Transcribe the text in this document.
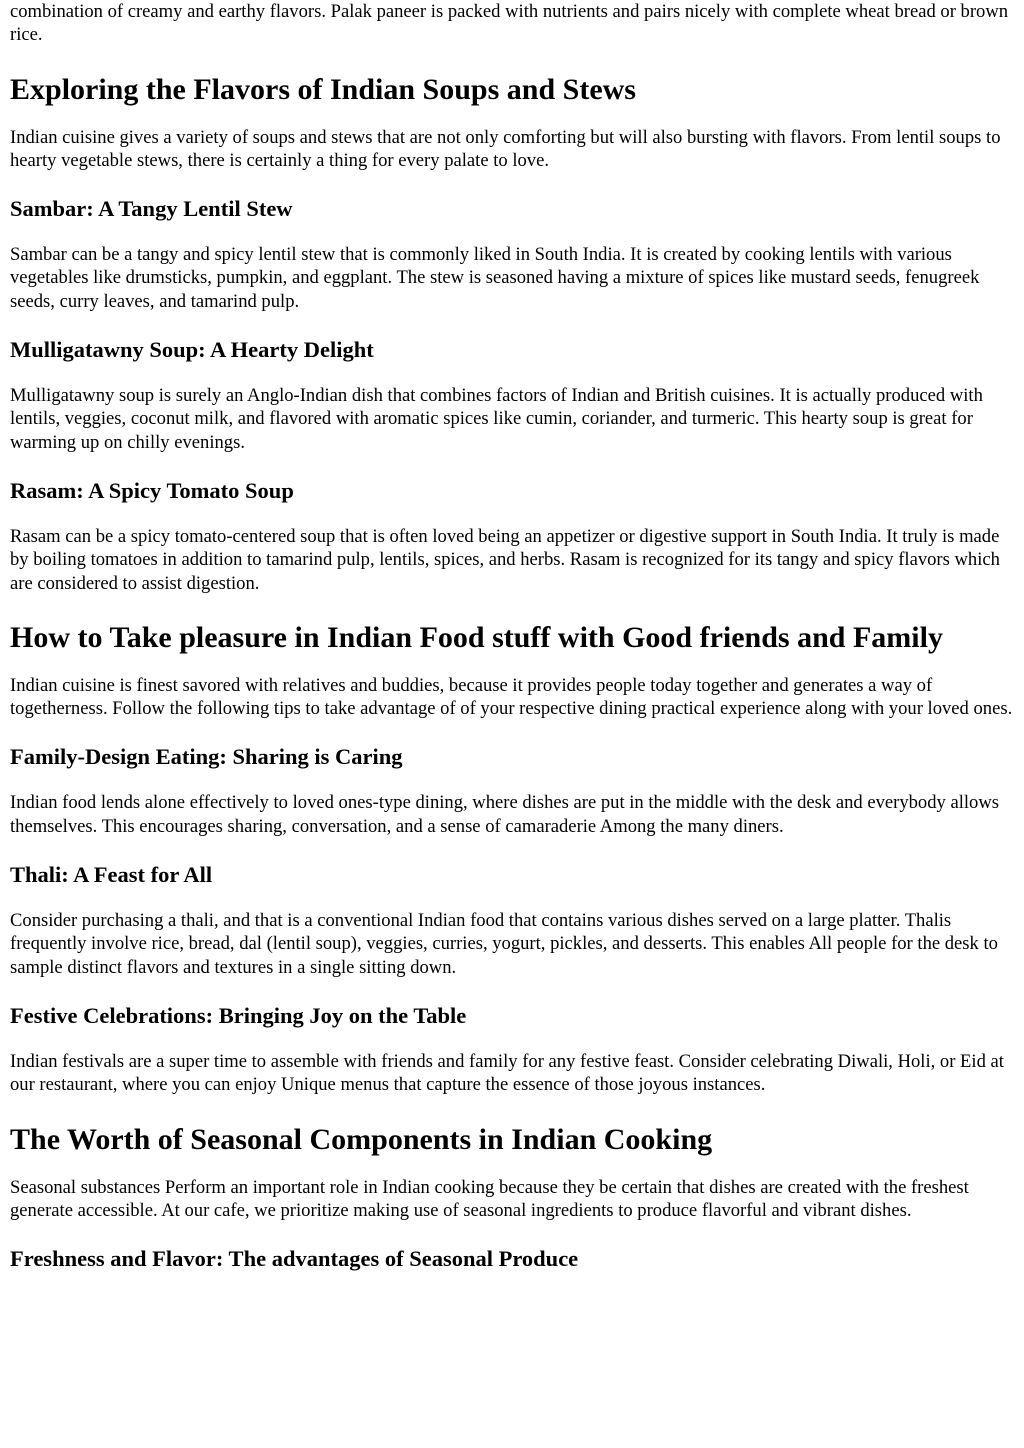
combination of creamy and earthy flavors. Palak paneer is packed with nutrients and pairs nicely with complete wheat bread or brown rice.

Exploring the Flavors of Indian Soups and Stews

Indian cuisine gives a variety of soups and stews that are not only comforting but will also bursting with flavors. From lentil soups to hearty vegetable stews, there is certainly a thing for every palate to love.

Sambar: A Tangy Lentil Stew

Sambar can be a tangy and spicy lentil stew that is commonly liked in South India. It is created by cooking lentils with various vegetables like drumsticks, pumpkin, and eggplant. The stew is seasoned having a mixture of spices like mustard seeds, fenugreek seeds, curry leaves, and tamarind pulp.

Mulligatawny Soup: A Hearty Delight

Mulligatawny soup is surely an Anglo-Indian dish that combines factors of Indian and British cuisines. It is actually produced with lentils, veggies, coconut milk, and flavored with aromatic spices like cumin, coriander, and turmeric. This hearty soup is great for warming up on chilly evenings.

Rasam: A Spicy Tomato Soup

Rasam can be a spicy tomato-centered soup that is often loved being an appetizer or digestive support in South India. It truly is made by boiling tomatoes in addition to tamarind pulp, lentils, spices, and herbs. Rasam is recognized for its tangy and spicy flavors which are considered to assist digestion.

How to Take pleasure in Indian Food stuff with Good friends and Family

Indian cuisine is finest savored with relatives and buddies, because it provides people today together and generates a way of togetherness. Follow the following tips to take advantage of of your respective dining practical experience along with your loved ones.

Family-Design Eating: Sharing is Caring

Indian food lends alone effectively to loved ones-type dining, where dishes are put in the middle with the desk and everybody allows themselves. This encourages sharing, conversation, and a sense of camaraderie Among the many diners.

Thali: A Feast for All

Consider purchasing a thali, and that is a conventional Indian food that contains various dishes served on a large platter. Thalis frequently involve rice, bread, dal (lentil soup), veggies, curries, yogurt, pickles, and desserts. This enables All people for the desk to sample distinct flavors and textures in a single sitting down.

Festive Celebrations: Bringing Joy on the Table

Indian festivals are a super time to assemble with friends and family for any festive feast. Consider celebrating Diwali, Holi, or Eid at our restaurant, where you can enjoy Unique menus that capture the essence of those joyous instances.

The Worth of Seasonal Components in Indian Cooking

Seasonal substances Perform an important role in Indian cooking because they be certain that dishes are created with the freshest generate accessible. At our cafe, we prioritize making use of seasonal ingredients to produce flavorful and vibrant dishes.

Freshness and Flavor: The advantages of Seasonal Produce
